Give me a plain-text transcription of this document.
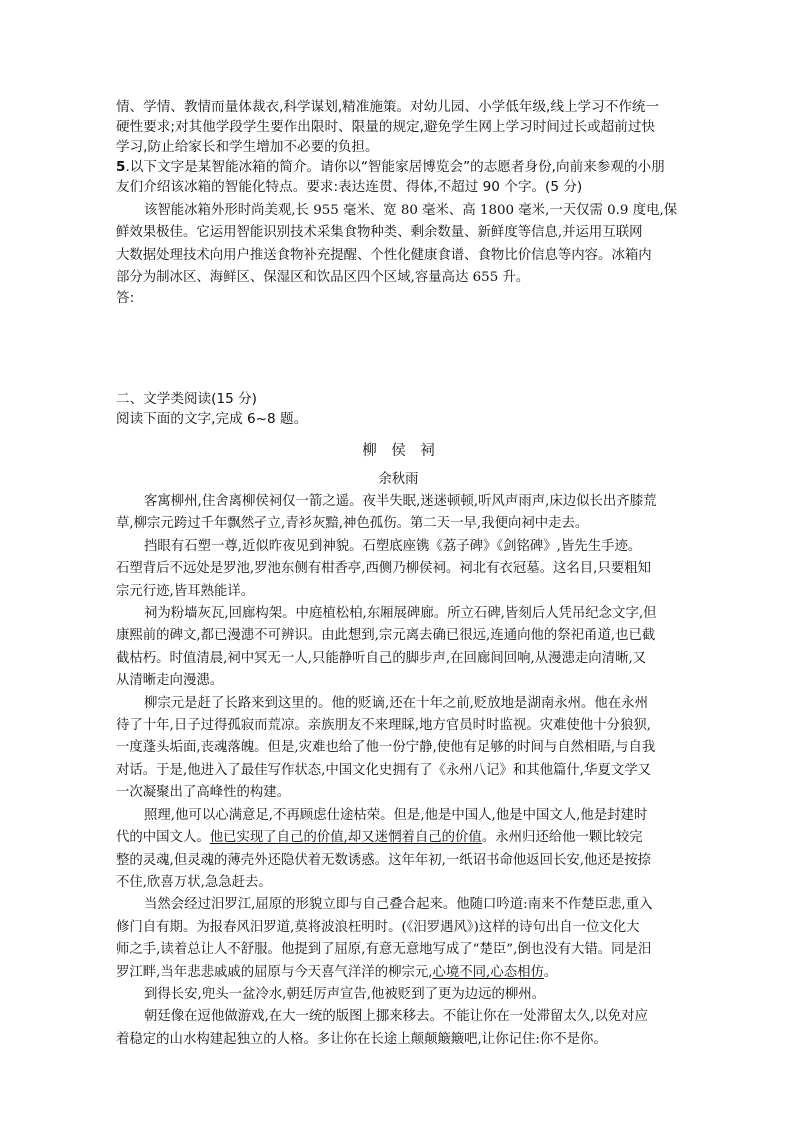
情、学情、教情而量体裁衣,科学谋划,精准施策。对幼儿园、小学低年级,线上学习不作统一

硬性要求;对其他学段学生要作出限时、限量的规定,避免学生网上学习时间过长或超前过快

学习,防止给家长和学生增加不必要的负担。

5.以下文字是某智能冰箱的简介。请你以“智能家居博览会”的志愿者身份,向前来参观的小朋

友们介绍该冰箱的智能化特点。要求:表达连贯、得体,不超过 90 个字。(5 分)

该智能冰箱外形时尚美观,长 955 毫米、宽 80 毫米、高 1800 毫米,一天仅需 0.9 度电,保

鲜效果极佳。它运用智能识别技术采集食物种类、剩余数量、新鲜度等信息,并运用互联网

大数据处理技术向用户推送食物补充提醒、个性化健康食谱、食物比价信息等内容。冰箱内

部分为制冰区、海鲜区、保湿区和饮品区四个区域,容量高达 655 升。

答:

二、文学类阅读(15 分)

阅读下面的文字,完成 6~8 题。

柳　侯　祠
余秋雨

客寓柳州,住舍离柳侯祠仅一箭之遥。夜半失眠,迷迷顿顿,听风声雨声,床边似长出齐膝荒

草,柳宗元跨过千年飘然孑立,青衫灰黯,神色孤伤。第二天一早,我便向祠中走去。

挡眼有石塑一尊,近似昨夜见到神貌。石塑底座镌《荔子碑》《剑铭碑》,皆先生手迹。

石塑背后不远处是罗池,罗池东侧有柑香亭,西侧乃柳侯祠。祠北有衣冠墓。这名目,只要粗知

宗元行迹,皆耳熟能详。

祠为粉墙灰瓦,回廊构架。中庭植松柏,东厢展碑廊。所立石碑,皆刻后人凭吊纪念文字,但

康熙前的碑文,都已漫漶不可辨识。由此想到,宗元离去确已很远,连通向他的祭祀甬道,也已截

截枯朽。时值清晨,祠中冥无一人,只能静听自己的脚步声,在回廊间回响,从漫漶走向清晰,又

从清晰走向漫漶。

柳宗元是赶了长路来到这里的。他的贬谪,还在十年之前,贬放地是湖南永州。他在永州

待了十年,日子过得孤寂而荒凉。亲族朋友不来理睬,地方官员时时监视。灾难使他十分狼狈,

一度蓬头垢面,丧魂落魄。但是,灾难也给了他一份宁静,使他有足够的时间与自然相晤,与自我

对话。于是,他进入了最佳写作状态,中国文化史拥有了《永州八记》和其他篇什,华夏文学又

一次凝聚出了高峰性的构建。

照理,他可以心满意足,不再顾虑仕途枯荣。但是,他是中国人,他是中国文人,他是封建时

代的中国文人。他已实现了自己的价值,却又迷惘着自己的价值。永州归还给他一颗比较完

整的灵魂,但灵魂的薄壳外还隐伏着无数诱惑。这年年初,一纸诏书命他返回长安,他还是按捺

不住,欣喜万状,急急赶去。

当然会经过汨罗江,屈原的形貌立即与自己叠合起来。他随口吟道:南来不作楚臣悲,重入

修门自有期。为报春风汨罗道,莫将波浪枉明时。(《汨罗遇风》)这样的诗句出自一位文化大

师之手,读着总让人不舒服。他提到了屈原,有意无意地写成了“楚臣”,倒也没有大错。同是汨

罗江畔,当年悲悲戚戚的屈原与今天喜气洋洋的柳宗元,心境不同,心态相仿。

到得长安,兜头一盆冷水,朝廷厉声宣告,他被贬到了更为边远的柳州。

朝廷像在逗他做游戏,在大一统的版图上挪来移去。不能让你在一处滞留太久,以免对应

着稳定的山水构建起独立的人格。多让你在长途上颠颠簸簸吧,让你记住:你不是你。
